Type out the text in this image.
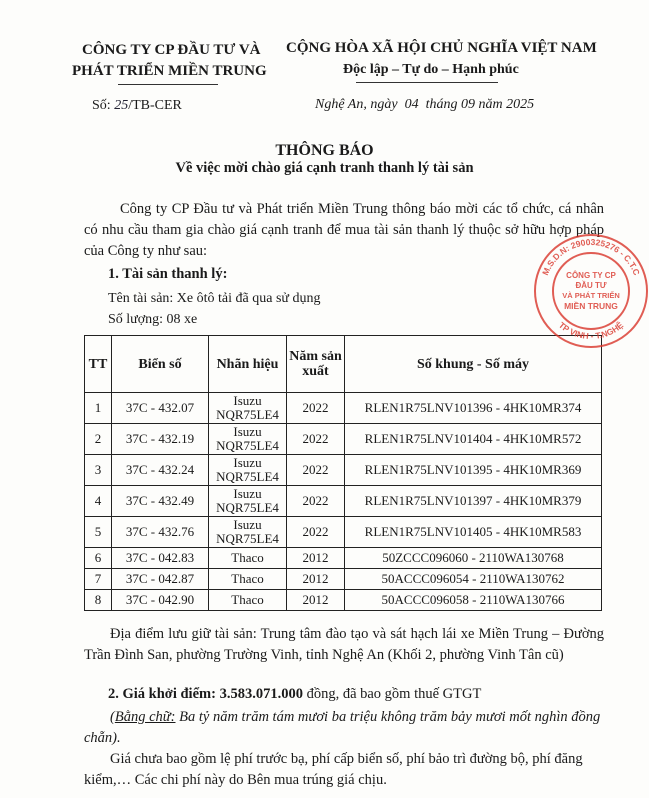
CÔNG TY CP ĐẦU TƯ VÀ
PHÁT TRIỂN MIỀN TRUNG
Số: 25/TB-CER
CỘNG HÒA XÃ HỘI CHỦ NGHĨA VIỆT NAM
Độc lập – Tự do – Hạnh phúc
Nghệ An, ngày 04 tháng 09 năm 2025
THÔNG BÁO
Về việc mời chào giá cạnh tranh thanh lý tài sản
Công ty CP Đầu tư và Phát triển Miền Trung thông báo mời các tổ chức, cá nhân có nhu cầu tham gia chào giá cạnh tranh để mua tài sản thanh lý thuộc sở hữu hợp pháp của Công ty như sau:
1. Tài sản thanh lý:
Tên tài sản: Xe ôtô tải đã qua sử dụng
Số lượng: 08 xe
TT	Biển số	Nhãn hiệu	Năm sản xuất	Số khung - Số máy
1	37C - 432.07	Isuzu NQR75LE4	2022	RLEN1R75LNV101396 - 4HK10MR374
2	37C - 432.19	Isuzu NQR75LE4	2022	RLEN1R75LNV101404 - 4HK10MR572
3	37C - 432.24	Isuzu NQR75LE4	2022	RLEN1R75LNV101395 - 4HK10MR369
4	37C - 432.49	Isuzu NQR75LE4	2022	RLEN1R75LNV101397 - 4HK10MR379
5	37C - 432.76	Isuzu NQR75LE4	2022	RLEN1R75LNV101405 - 4HK10MR583
6	37C - 042.83	Thaco	2012	50ZCCC096060 - 2110WA130768
7	37C - 042.87	Thaco	2012	50ACCC096054 - 2110WA130762
8	37C - 042.90	Thaco	2012	50ACCC096058 - 2110WA130766
Địa điểm lưu giữ tài sản: Trung tâm đào tạo và sát hạch lái xe Miền Trung – Đường Trần Đình San, phường Trường Vinh, tỉnh Nghệ An (Khối 2, phường Vinh Tân cũ)
2. Giá khởi điểm: 3.583.071.000 đồng, đã bao gồm thuế GTGT
(Bằng chữ: Ba tỷ năm trăm tám mươi ba triệu không trăm bảy mươi mốt nghìn đồng chẵn).
Giá chưa bao gồm lệ phí trước bạ, phí cấp biển số, phí bảo trì đường bộ, phí đăng kiểm,… Các chi phí này do Bên mua trúng giá chịu.
M.S.D.N: 2900325276 - C.T.C
TP VINH - T.NGHỆ
CÔNG TY CP
ĐẦU TƯ
VÀ PHÁT TRIỂN
MIỀN TRUNG
